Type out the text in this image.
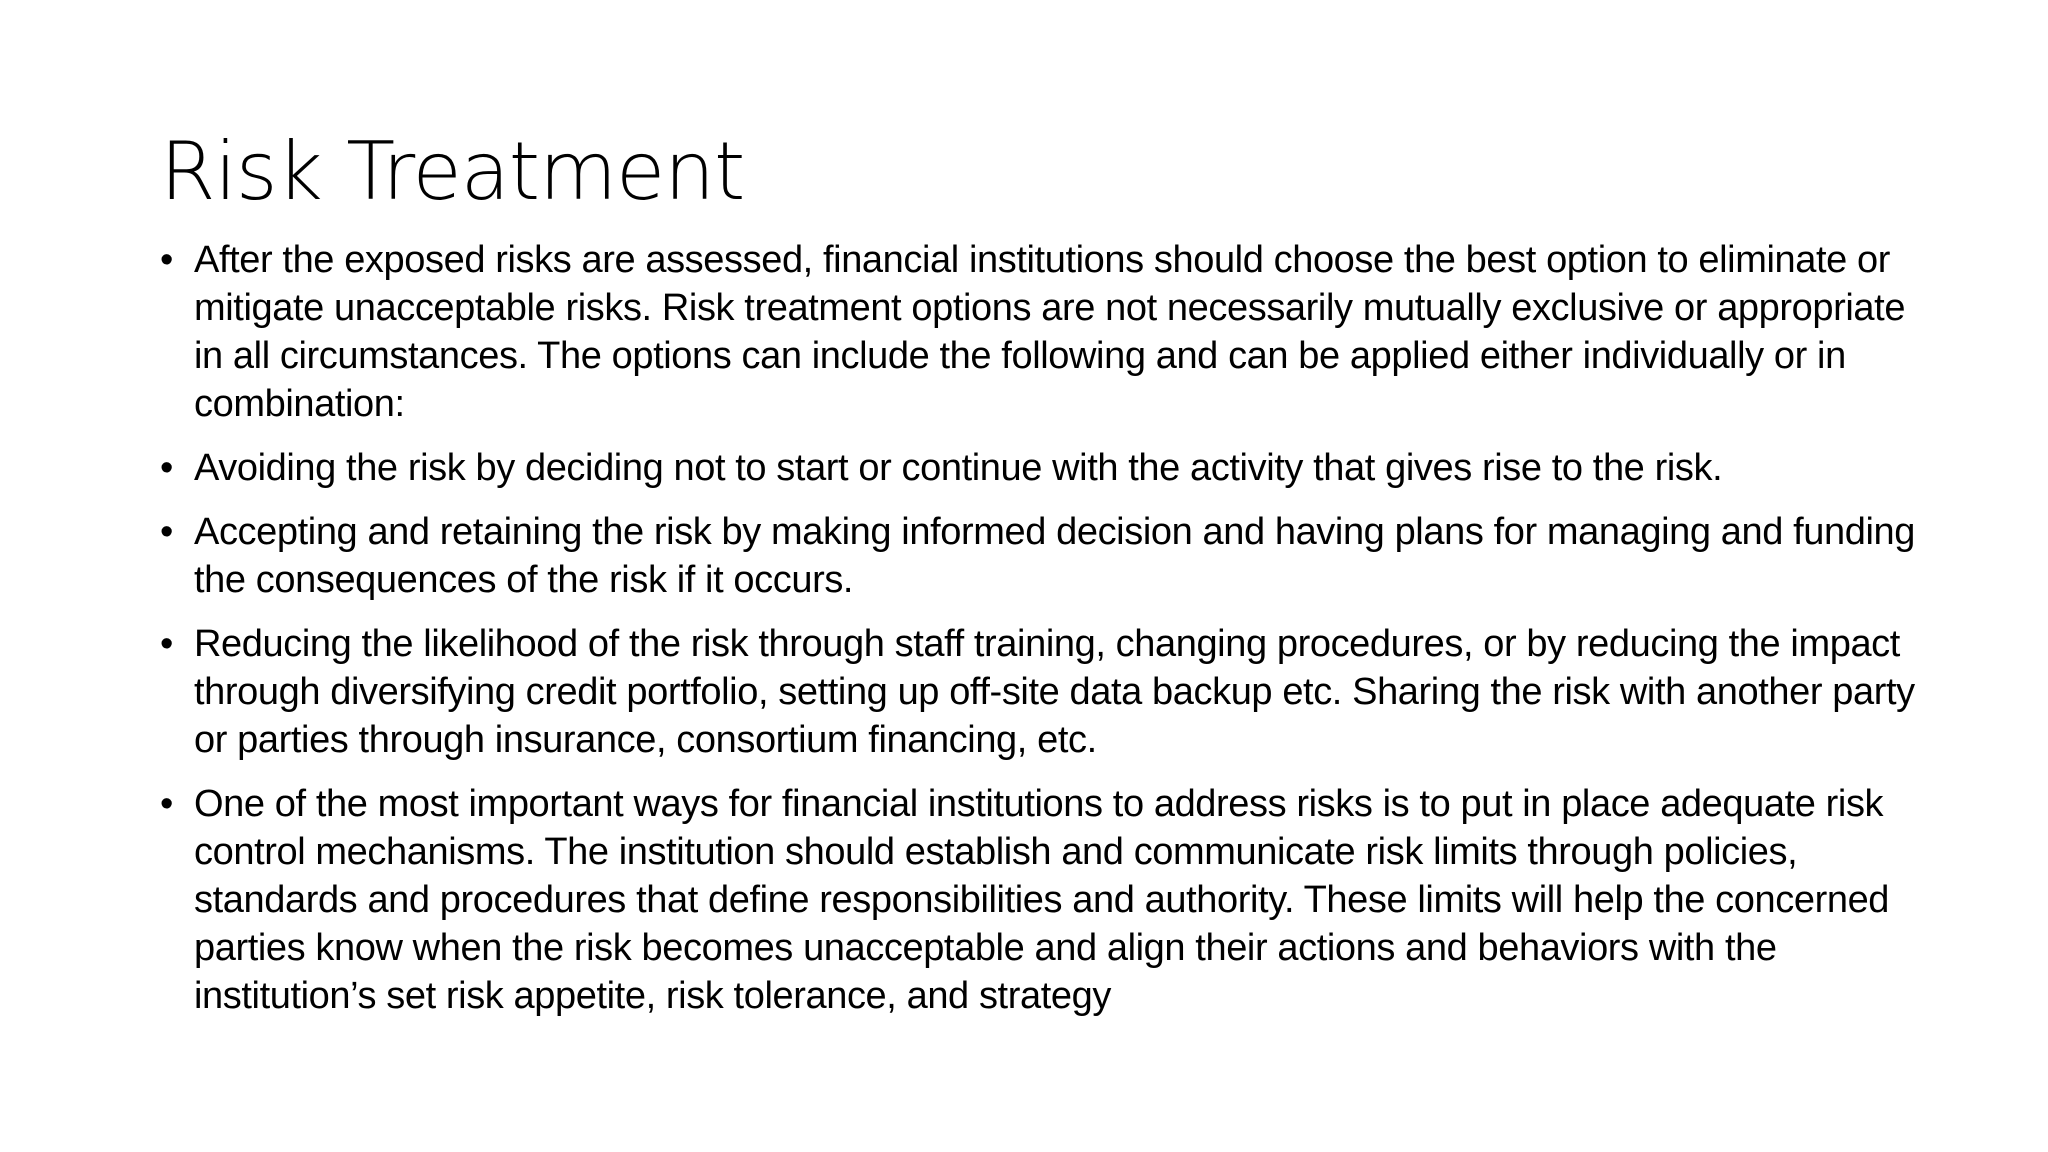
Risk Treatment
• After the exposed risks are assessed, financial institutions should choose the best option to eliminate or mitigate unacceptable risks. Risk treatment options are not necessarily mutually exclusive or appropriate in all circumstances. The options can include the following and can be applied either individually or in combination:
• Avoiding the risk by deciding not to start or continue with the activity that gives rise to the risk.
• Accepting and retaining the risk by making informed decision and having plans for managing and funding the consequences of the risk if it occurs.
• Reducing the likelihood of the risk through staff training, changing procedures, or by reducing the impact through diversifying credit portfolio, setting up off-site data backup etc. Sharing the risk with another party or parties through insurance, consortium financing, etc.
• One of the most important ways for financial institutions to address risks is to put in place adequate risk control mechanisms. The institution should establish and communicate risk limits through policies, standards and procedures that define responsibilities and authority. These limits will help the concerned parties know when the risk becomes unacceptable and align their actions and behaviors with the institution’s set risk appetite, risk tolerance, and strategy
